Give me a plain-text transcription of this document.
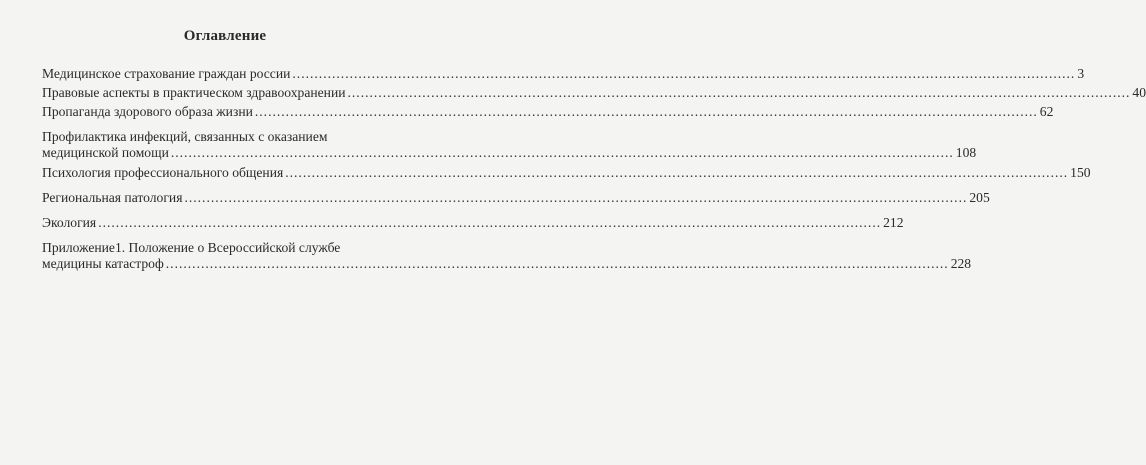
Оглавление
Медицинское страхование граждан россии .....	3
Правовые аспекты в практическом здравоохранении .....	40
Пропаганда здорового образа жизни .....	62
Профилактика инфекций, связанных с оказанием
медицинской помощи .....	108
Психология профессионального общения .....	150
Региональная патология .....	205
Экология .....	212
Приложение1. Положение о Всероссийской службе
медицины катастроф .....	228
